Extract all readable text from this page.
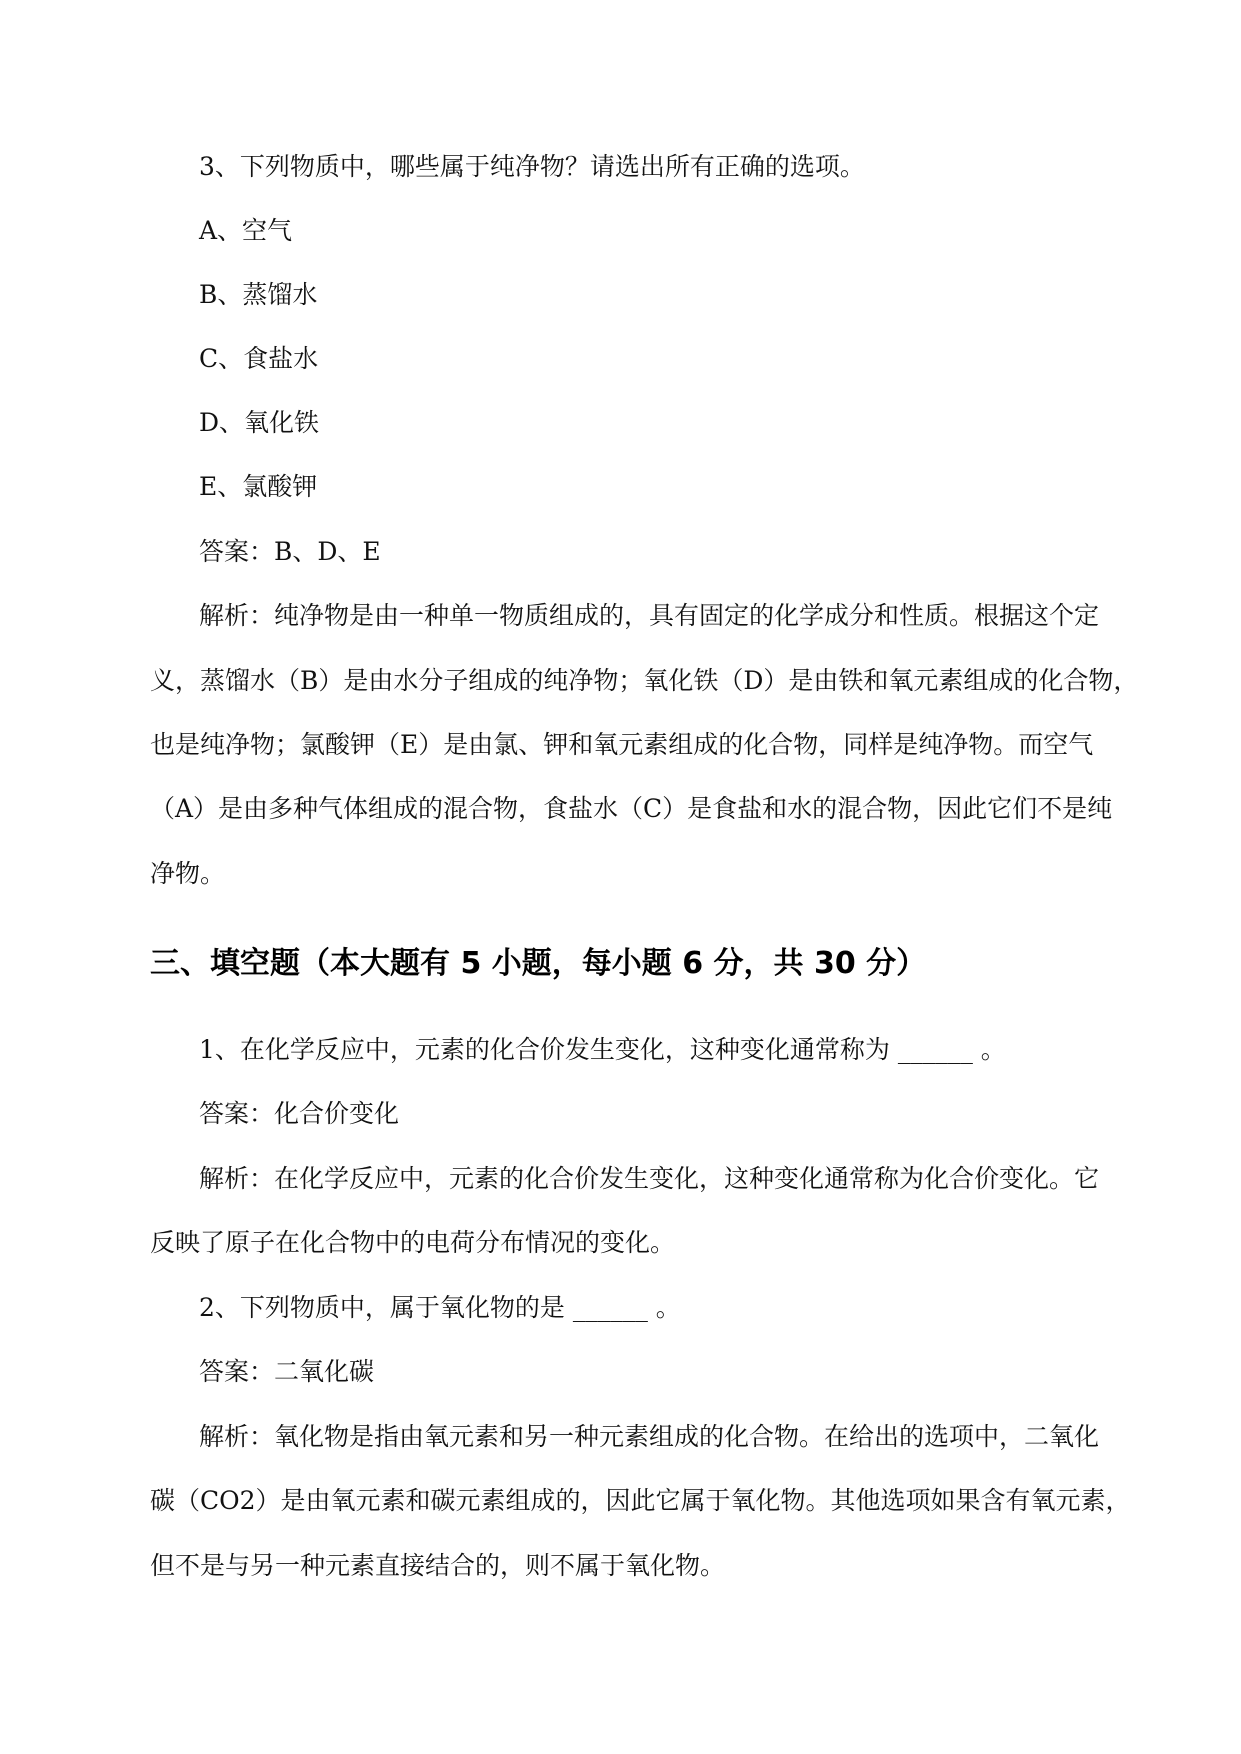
3、下列物质中，哪些属于纯净物？请选出所有正确的选项。
A、空气
B、蒸馏水
C、食盐水
D、氧化铁
E、氯酸钾
答案：B、D、E
解析：纯净物是由一种单一物质组成的，具有固定的化学成分和性质。根据这个定
义，蒸馏水（B）是由水分子组成的纯净物；氧化铁（D）是由铁和氧元素组成的化合物，
也是纯净物；氯酸钾（E）是由氯、钾和氧元素组成的化合物，同样是纯净物。而空气
（A）是由多种气体组成的混合物，食盐水（C）是食盐和水的混合物，因此它们不是纯
净物。
三、填空题（本大题有 5 小题，每小题 6 分，共 30 分）
1、在化学反应中，元素的化合价发生变化，这种变化通常称为 ______ 。
答案：化合价变化
解析：在化学反应中，元素的化合价发生变化，这种变化通常称为化合价变化。它
反映了原子在化合物中的电荷分布情况的变化。
2、下列物质中，属于氧化物的是 ______ 。
答案：二氧化碳
解析：氧化物是指由氧元素和另一种元素组成的化合物。在给出的选项中，二氧化
碳（CO2）是由氧元素和碳元素组成的，因此它属于氧化物。其他选项如果含有氧元素，
但不是与另一种元素直接结合的，则不属于氧化物。
